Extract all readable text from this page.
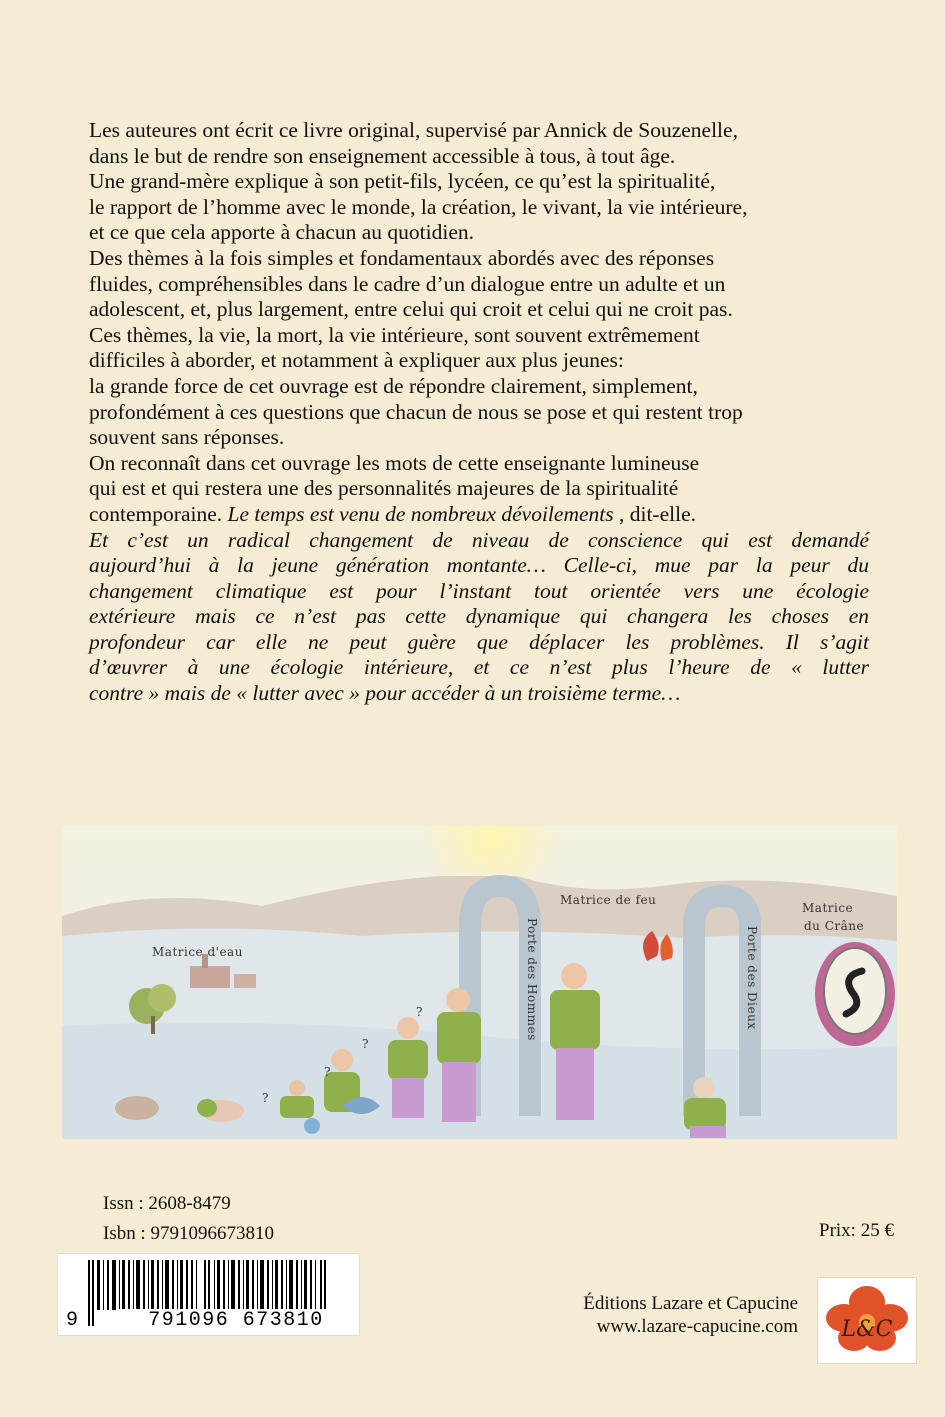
Les auteures ont écrit ce livre original, supervisé par Annick de Souzenelle,
dans le but de rendre son enseignement accessible à tous, à tout âge.
Une grand-mère explique à son petit-fils, lycéen, ce qu’est la spiritualité,
le rapport de l’homme avec le monde, la création, le vivant, la vie intérieure,
et ce que cela apporte à chacun au quotidien.
Des thèmes à la fois simples et fondamentaux abordés avec des réponses
fluides, compréhensibles dans le cadre d’un dialogue entre un adulte et un
adolescent, et, plus largement, entre celui qui croit et celui qui ne croit pas.
Ces thèmes, la vie, la mort, la vie intérieure, sont souvent extrêmement
difficiles à aborder, et notamment à expliquer aux plus jeunes:
la grande force de cet ouvrage est de répondre clairement, simplement,
profondément à ces questions que chacun de nous se pose et qui restent trop
souvent sans réponses.
On reconnaît dans cet ouvrage les mots de cette enseignante lumineuse
qui est et qui restera une des personnalités majeures de la spiritualité
contemporaine. Le temps est venu de nombreux dévoilements , dit-elle.
Et c’est un radical changement de niveau de conscience qui est demandé
aujourd’hui à la jeune génération montante… Celle-ci, mue par la peur du
changement climatique est pour l’instant tout orientée vers une écologie
extérieure mais ce n’est pas cette dynamique qui changera les choses en
profondeur car elle ne peut guère que déplacer les problèmes. Il s’agit
d’œuvrer à une écologie intérieure, et ce n’est plus l’heure de « lutter
contre » mais de « lutter avec » pour accéder à un troisième terme…
?
?
?
?
Matrice d'eau
Matrice de feu
Matrice
du Crâne
Porte des Hommes	Porte des Dieux
Issn : 2608-8479
Isbn : 9791096673810	Prix: 25 €
9	791096 673810
Éditions Lazare et Capucine
www.lazare-capucine.com L&C
